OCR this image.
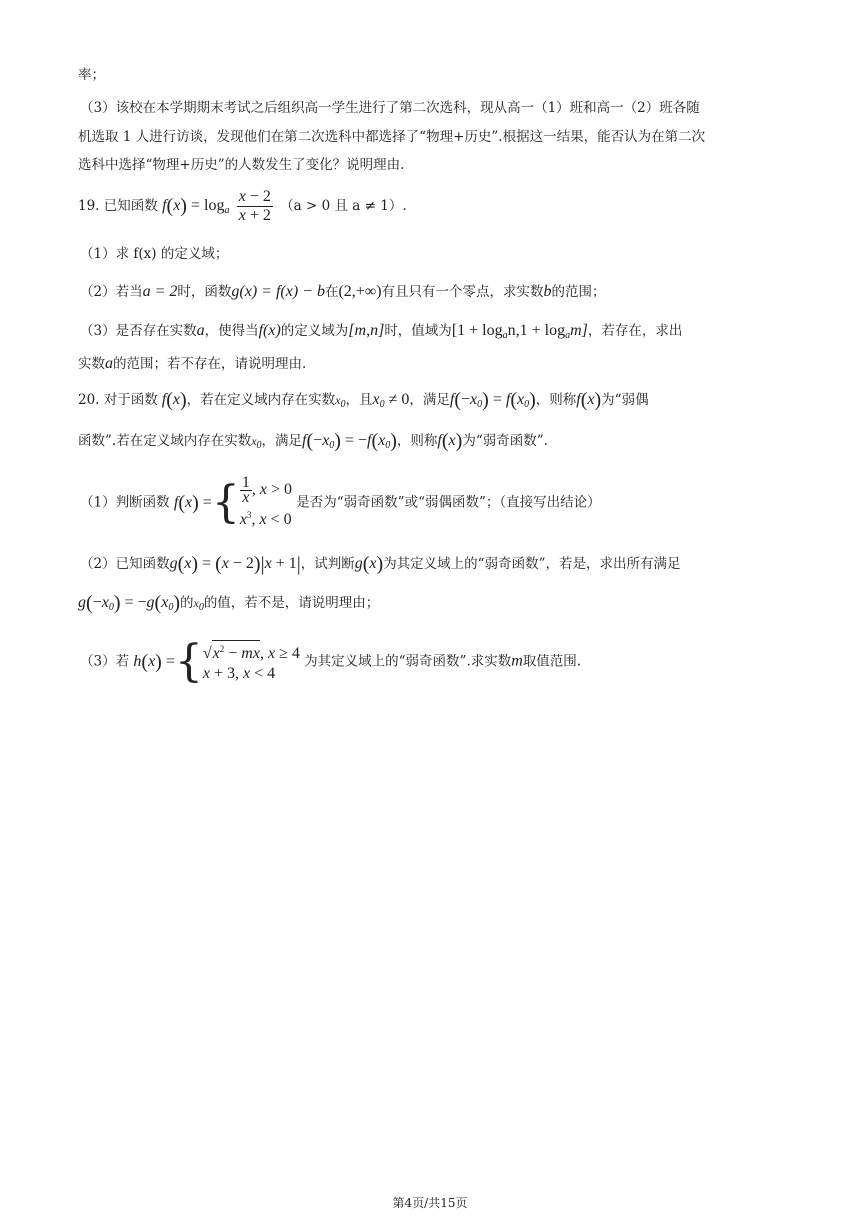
率；
（3）该校在本学期期末考试之后组织高一学生进行了第二次选科，现从高一（1）班和高一（2）班各随
机选取 1 人进行访谈，发现他们在第二次选科中都选择了“物理+历史”.根据这一结果，能否认为在第二次
选科中选择“物理+历史”的人数发生了变化？说明理由.
19. 已知函数 $f(x) = \log_a \frac{x - 2}{x + 2} (a > 0$ 且 a ≠ 1）.
（1）求 f(x) 的定义域；
（2）若当a = 2时，函数g(x) = f(x) − b在(2,+∞)有且只有一个零点，求实数b的范围；
（3）是否存在实数a，使得当f(x)的定义域为[m,n]时，值域为$[1 + \log_an,1 + \log_am]$，若存在，求出
实数a的范围；若不存在，请说明理由.
20. 对于函数 f(x)，若在定义域内存在实数$x_0$，且$x_0 \ne 0$，满足$f(-x_0) = f(x_0)$，则称f(x)为“弱偶
函数”.若在定义域内存在实数$x_0$，满足$f(-x_0) = -f(x_0)$，则称f(x)为“弱奇函数”.
（1）判断函数 f(x) ={ $\frac{1}{x}$ , x > 0
$x^3$, x < 0
是否为“弱奇函数”或“弱偶函数”；（直接写出结论）
（2）已知函数g(x) = (x − 2)|x + 1|，试判断g(x)为其定义域上的“弱奇函数”，若是，求出所有满足
$g(-x_0) = -g(x_0)$的$x_0$的值，若不是，请说明理由；
（3）若 h(x) ={ $√x^2$ − mx, x ≥ 4
x + 3, x < 4
为其定义域上的“弱奇函数”.求实数m取值范围.
第4页/共15页
